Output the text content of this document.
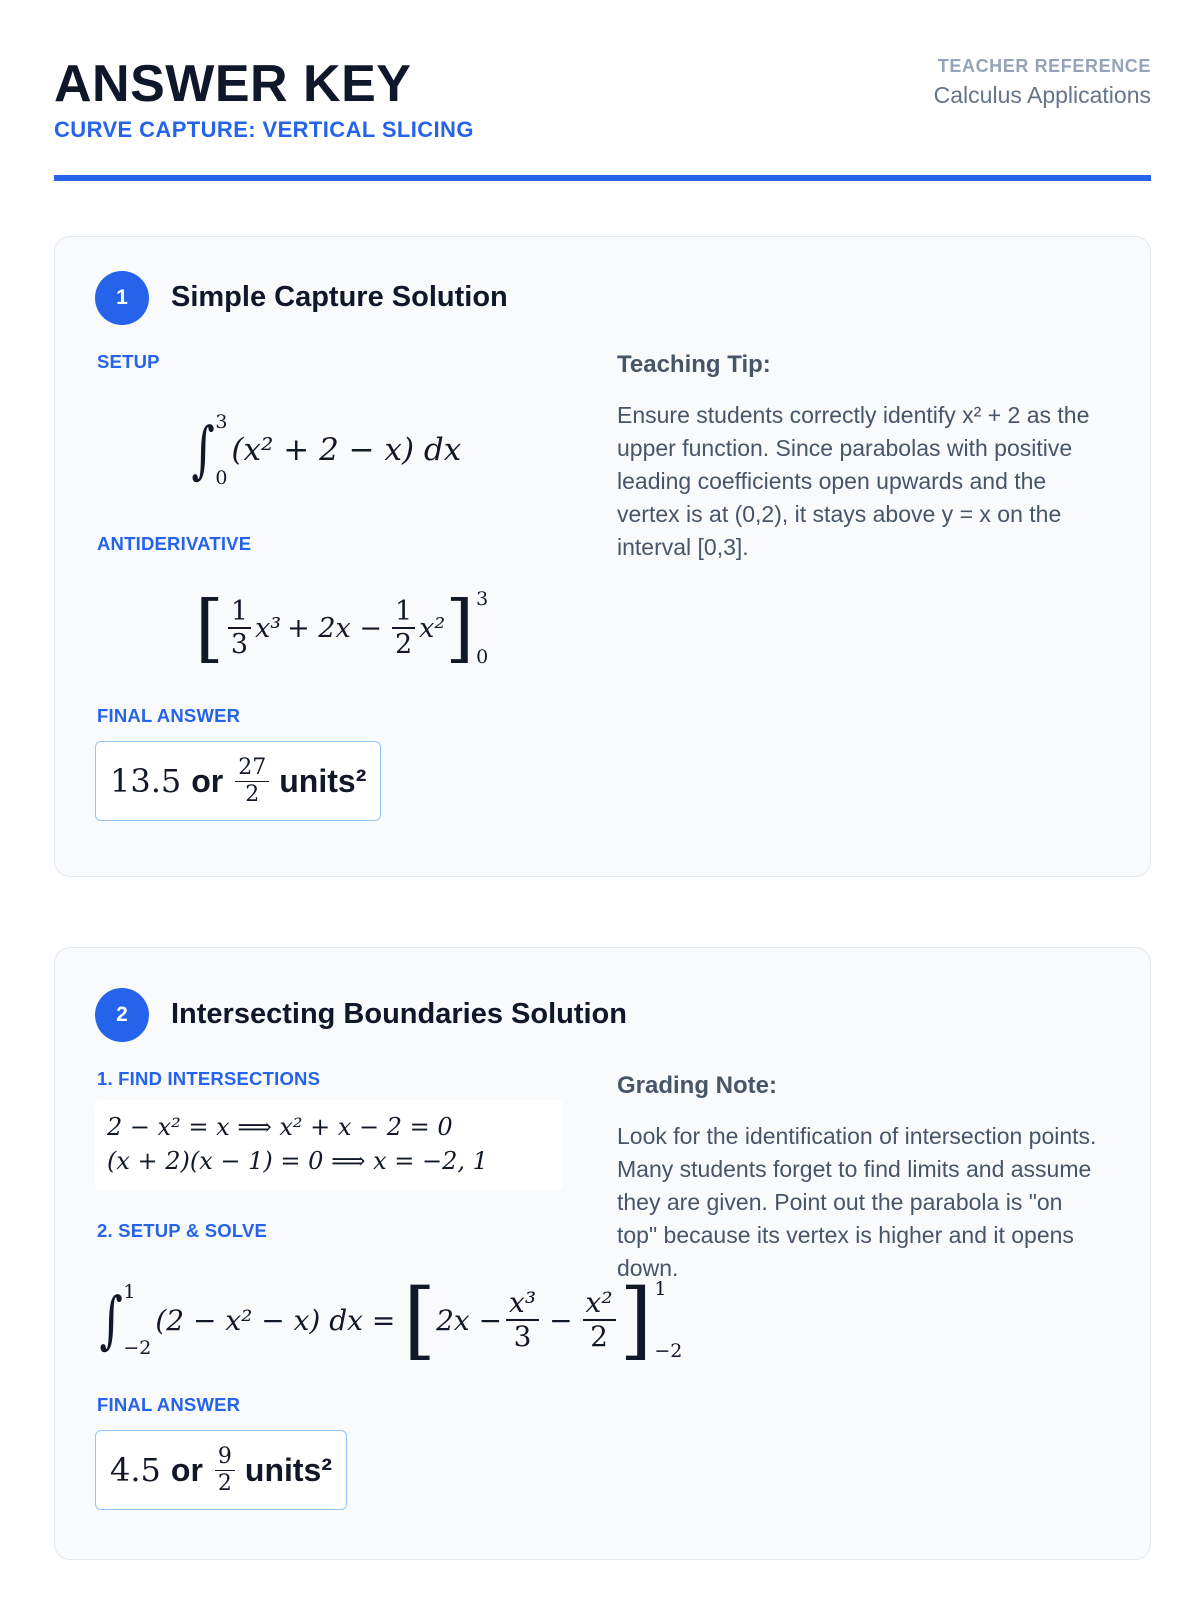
ANSWER KEY
CURVE CAPTURE: VERTICAL SLICING
TEACHER REFERENCE
Calculus Applications
1	Simple Capture Solution
SETUP
∫ 3
0
(x² + 2 − x) dx
ANTIDERIVATIVE
[ $\frac{1}{3} x^3 + 2x - \frac{1}{2} x^2$ ] 3
0
FINAL ANSWER
13.5 or $\frac{27}{2}$ units²
Teaching Tip:
Ensure students correctly identify x² + 2 as the upper function. Since parabolas with positive leading coefficients open upwards and the vertex is at (0,2), it stays above y = x on the interval [0,3].
2	Intersecting Boundaries Solution
1. FIND INTERSECTIONS
2 − x² = x ⟹ x² + x − 2 = 0
(x + 2)(x − 1) = 0 ⟹ x = −2, 1
2. SETUP & SOLVE
∫ 1
−2
(2 − x² − x) dx = [ $2x - \frac{\text{x³}}{3} - \frac{\text{x²}}{2}$ ] 1
−2
FINAL ANSWER
4.5 or $\frac{9}{2}$ units²
Grading Note:
Look for the identification of intersection points. Many students forget to find limits and assume they are given. Point out the parabola is "on top" because its vertex is higher and it opens down.
